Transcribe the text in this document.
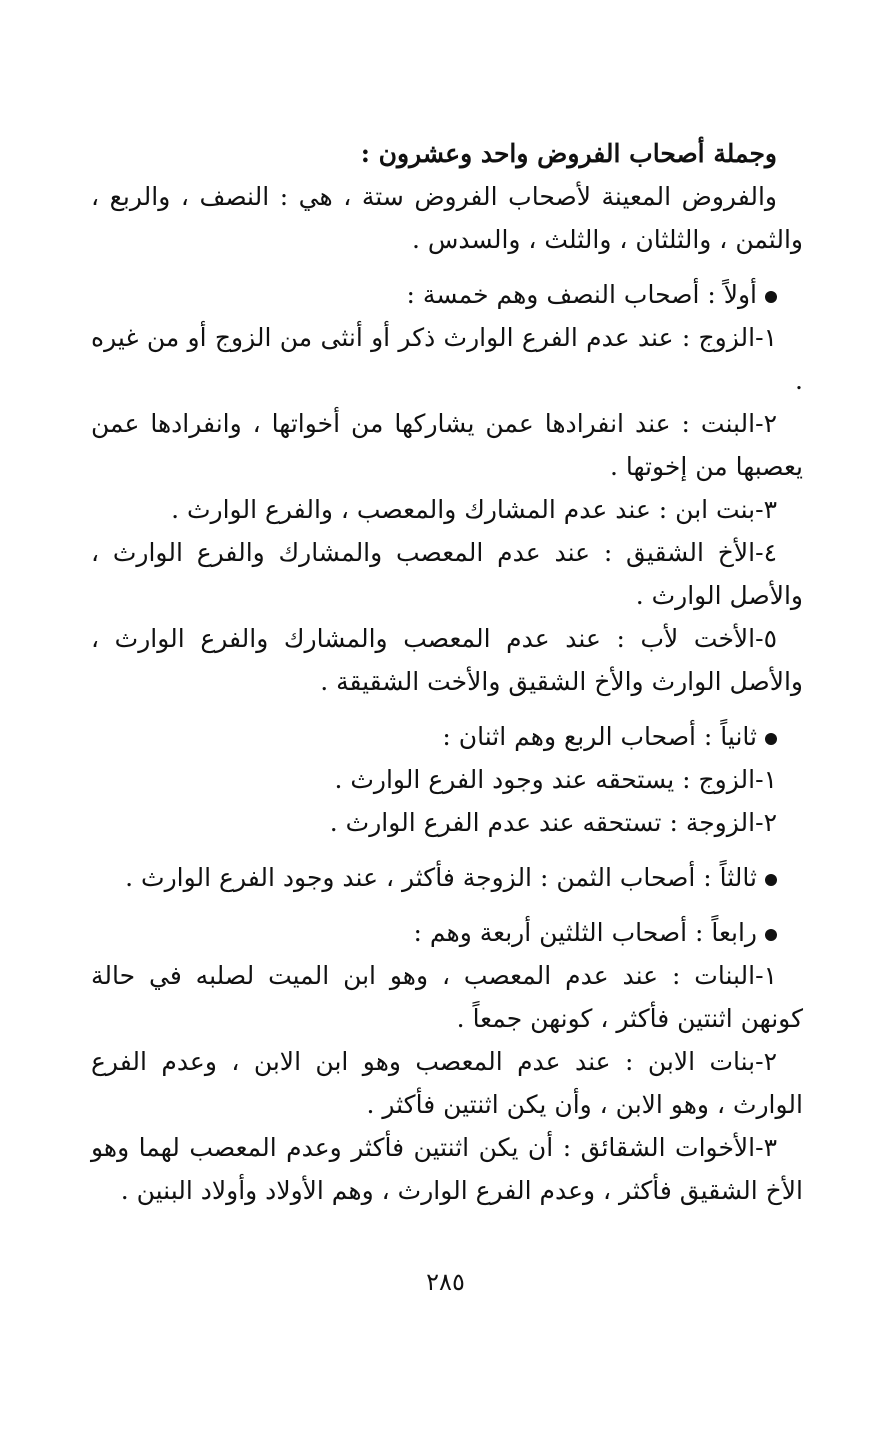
وجملة أصحاب الفروض واحد وعشرون :

والفروض المعينة لأصحاب الفروض ستة ، هي : النصف ، والربع ، والثمن ، والثلثان ، والثلث ، والسدس .

أولاً : أصحاب النصف وهم خمسة :

١-الزوج : عند عدم الفرع الوارث ذكر أو أنثى من الزوج أو من غيره .

٢-البنت : عند انفرادها عمن يشاركها من أخواتها ، وانفرادها عمن يعصبها من إخوتها .

٣-بنت ابن : عند عدم المشارك والمعصب ، والفرع الوارث .

٤-الأخ الشقيق : عند عدم المعصب والمشارك والفرع الوارث ، والأصل الوارث .

٥-الأخت لأب : عند عدم المعصب والمشارك والفرع الوارث ، والأصل الوارث والأخ الشقيق والأخت الشقيقة .

ثانياً : أصحاب الربع وهم اثنان :

١-الزوج : يستحقه عند وجود الفرع الوارث .

٢-الزوجة : تستحقه عند عدم الفرع الوارث .

ثالثاً : أصحاب الثمن : الزوجة فأكثر ، عند وجود الفرع الوارث .

رابعاً : أصحاب الثلثين أربعة وهم :

١-البنات : عند عدم المعصب ، وهو ابن الميت لصلبه في حالة كونهن اثنتين فأكثر ، كونهن جمعاً .

٢-بنات الابن : عند عدم المعصب وهو ابن الابن ، وعدم الفرع الوارث ، وهو الابن ، وأن يكن اثنتين فأكثر .

٣-الأخوات الشقائق : أن يكن اثنتين فأكثر وعدم المعصب لهما وهو الأخ الشقيق فأكثر ، وعدم الفرع الوارث ، وهم الأولاد وأولاد البنين .

٢٨٥
